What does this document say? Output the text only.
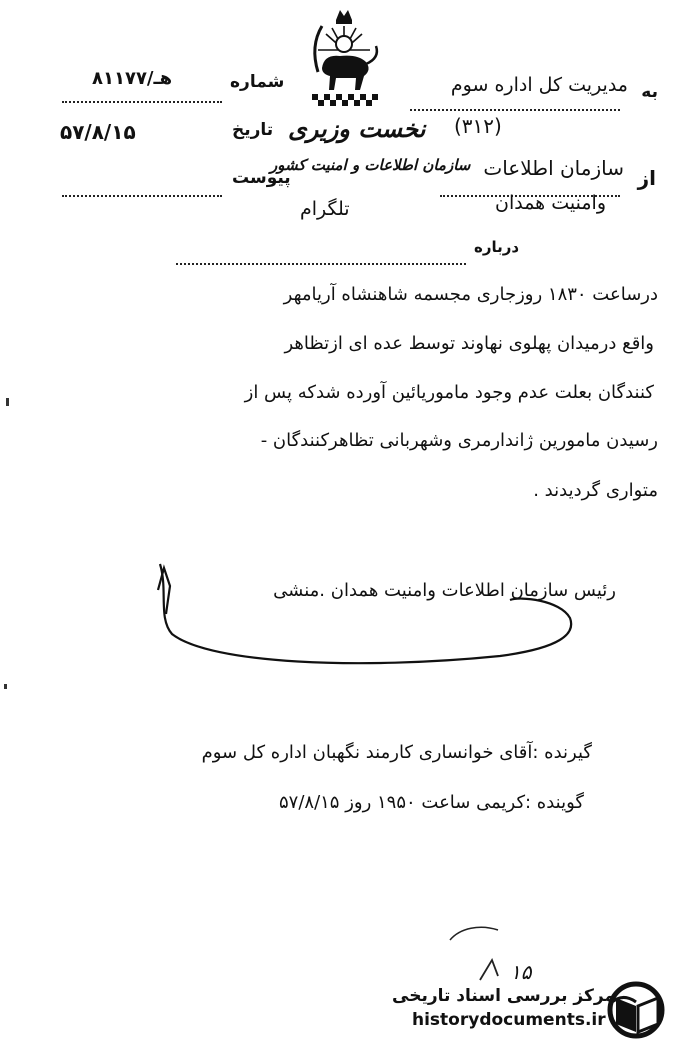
نخست وزیری
سازمان اطلاعات و امنیت کشور
تلگرام
به
مدیریت کل اداره سوم
(۳۱۲)
از
سازمان اطلاعات
وامنیت همدان
شماره
۸۱۱۷۷/هـ
تاریخ
۵۷/۸/۱۵
پیوست
درباره
درساعت ۱۸۳۰ روزجاری مجسمه شاهنشاه آریامهر
واقع درمیدان پهلوی نهاوند توسط عده ای ازتظاهر
کنندگان بعلت عدم وجود ماموریائین آورده شدکه پس از
رسیدن مامورین ژاندارمری وشهربانی تظاهرکنندگان -
متواری گردیدند .
رئیس سازمان اطلاعات وامنیت همدان .منشی
گیرنده :آقای خوانساری کارمند نگهبان اداره کل سوم
گوینده :کریمی ساعت ۱۹۵۰ روز ۵۷/۸/۱۵
۱۵
مرکز بررسی اسناد تاریخی
historydocuments.ir
